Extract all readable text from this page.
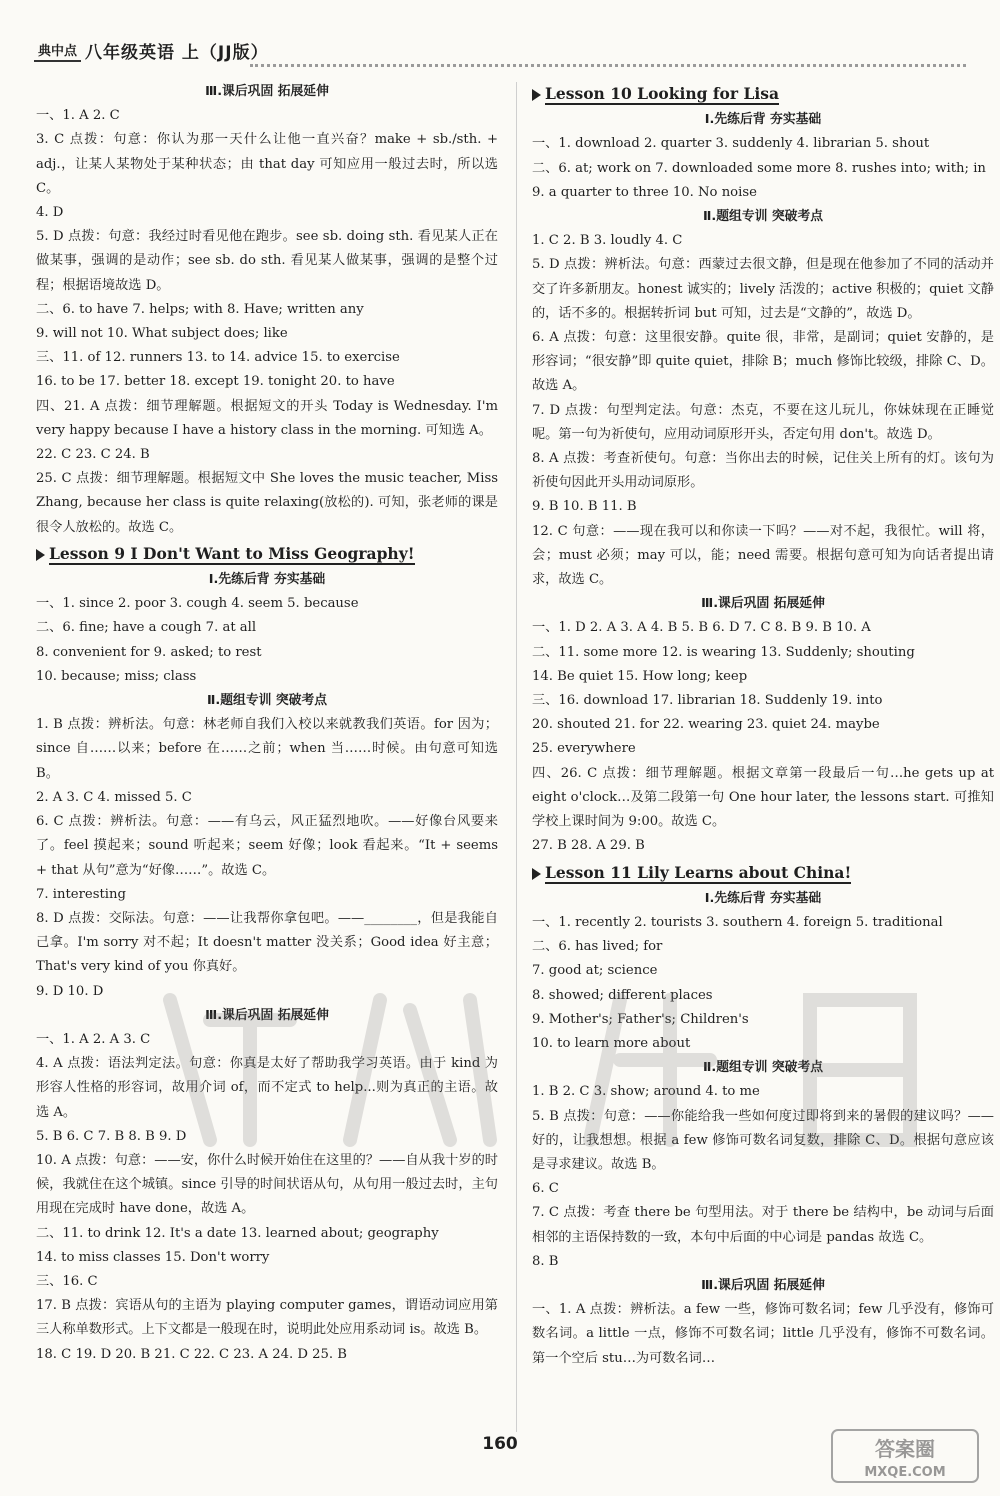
典中点 八年级英语 上（JJ版）
Ⅲ.课后巩固 拓展延伸
一、1. A 2. C
3. C 点拨：句意：你认为那一天什么让他一直兴奋？make + sb./sth. + adj.，让某人某物处于某种状态；由 that day 可知应用一般过去时，所以选 C。
4. D
5. D 点拨：句意：我经过时看见他在跑步。see sb. doing sth. 看见某人正在做某事，强调的是动作；see sb. do sth. 看见某人做某事，强调的是整个过程；根据语境故选 D。
二、6. to have 7. helps; with 8. Have; written any
9. will not 10. What subject does; like
三、11. of 12. runners 13. to 14. advice 15. to exercise
16. to be 17. better 18. except 19. tonight 20. to have
四、21. A 点拨：细节理解题。根据短文的开头 Today is Wednesday. I'm very happy because I have a history class in the morning. 可知选 A。
22. C 23. C 24. B
25. C 点拨：细节理解题。根据短文中 She loves the music teacher, Miss Zhang, because her class is quite relaxing(放松的). 可知，张老师的课是很令人放松的。故选 C。
Lesson 9 I Don't Want to Miss Geography!
Ⅰ.先练后背 夯实基础
一、1. since 2. poor 3. cough 4. seem 5. because
二、6. fine; have a cough 7. at all
8. convenient for 9. asked; to rest
10. because; miss; class
Ⅱ.题组专训 突破考点
1. B 点拨：辨析法。句意：林老师自我们入校以来就教我们英语。for 因为；since 自……以来；before 在……之前；when 当……时候。由句意可知选 B。
2. A 3. C 4. missed 5. C
6. C 点拨：辨析法。句意：——有乌云，风正猛烈地吹。——好像台风要来了。feel 摸起来；sound 听起来；seem 好像；look 看起来。“It + seems + that 从句”意为“好像……”。故选 C。
7. interesting
8. D 点拨：交际法。句意：——让我帮你拿包吧。——________，但是我能自己拿。I'm sorry 对不起；It doesn't matter 没关系；Good idea 好主意；That's very kind of you 你真好。
9. D 10. D
Ⅲ.课后巩固 拓展延伸
一、1. A 2. A 3. C
4. A 点拨：语法判定法。句意：你真是太好了帮助我学习英语。由于 kind 为形容人性格的形容词，故用介词 of，而不定式 to help...则为真正的主语。故选 A。
5. B 6. C 7. B 8. B 9. D
10. A 点拨：句意：——安，你什么时候开始住在这里的？——自从我十岁的时候，我就住在这个城镇。since 引导的时间状语从句，从句用一般过去时，主句用现在完成时 have done，故选 A。
二、11. to drink 12. It's a date 13. learned about; geography
14. to miss classes 15. Don't worry
三、16. C
17. B 点拨：宾语从句的主语为 playing computer games，谓语动词应用第三人称单数形式。上下文都是一般现在时，说明此处应用系动词 is。故选 B。
18. C 19. D 20. B 21. C 22. C 23. A 24. D 25. B
Lesson 10 Looking for Lisa
Ⅰ.先练后背 夯实基础
一、1. download 2. quarter 3. suddenly 4. librarian 5. shout
二、6. at; work on 7. downloaded some more 8. rushes into; with; in
9. a quarter to three 10. No noise
Ⅱ.题组专训 突破考点
1. C 2. B 3. loudly 4. C
5. D 点拨：辨析法。句意：西蒙过去很文静，但是现在他参加了不同的活动并交了许多新朋友。honest 诚实的；lively 活泼的；active 积极的；quiet 文静的，话不多的。根据转折词 but 可知，过去是“文静的”，故选 D。
6. A 点拨：句意：这里很安静。quite 很，非常，是副词；quiet 安静的，是形容词；“很安静”即 quite quiet，排除 B；much 修饰比较级，排除 C、D。故选 A。
7. D 点拨：句型判定法。句意：杰克，不要在这儿玩儿，你妹妹现在正睡觉呢。第一句为祈使句，应用动词原形开头，否定句用 don't。故选 D。
8. A 点拨：考查祈使句。句意：当你出去的时候，记住关上所有的灯。该句为祈使句因此开头用动词原形。
9. B 10. B 11. B
12. C 句意：——现在我可以和你读一下吗？——对不起，我很忙。will 将，会；must 必须；may 可以，能；need 需要。根据句意可知为向话者提出请求，故选 C。
Ⅲ.课后巩固 拓展延伸
一、1. D 2. A 3. A 4. B 5. B 6. D 7. C 8. B 9. B 10. A
二、11. some more 12. is wearing 13. Suddenly; shouting
14. Be quiet 15. How long; keep
三、16. download 17. librarian 18. Suddenly 19. into
20. shouted 21. for 22. wearing 23. quiet 24. maybe
25. everywhere
四、26. C 点拨：细节理解题。根据文章第一段最后一句…he gets up at eight o'clock…及第二段第一句 One hour later, the lessons start. 可推知学校上课时间为 9:00。故选 C。
27. B 28. A 29. B
Lesson 11 Lily Learns about China!
Ⅰ.先练后背 夯实基础
一、1. recently 2. tourists 3. southern 4. foreign 5. traditional
二、6. has lived; for
7. good at; science
8. showed; different places
9. Mother's; Father's; Children's
10. to learn more about
Ⅱ.题组专训 突破考点
1. B 2. C 3. show; around 4. to me
5. B 点拨：句意：——你能给我一些如何度过即将到来的暑假的建议吗？——好的，让我想想。根据 a few 修饰可数名词复数，排除 C、D。根据句意应该是寻求建议。故选 B。
6. C
7. C 点拨：考查 there be 句型用法。对于 there be 结构中，be 动词与后面相邻的主语保持数的一致，本句中后面的中心词是 pandas 故选 C。
8. B
Ⅲ.课后巩固 拓展延伸
一、1. A 点拨：辨析法。a few 一些，修饰可数名词；few 几乎没有，修饰可数名词。a little 一点，修饰不可数名词；little 几乎没有，修饰不可数名词。第一个空后 stu…为可数名词…
160	答案圈
MXQE.COM
